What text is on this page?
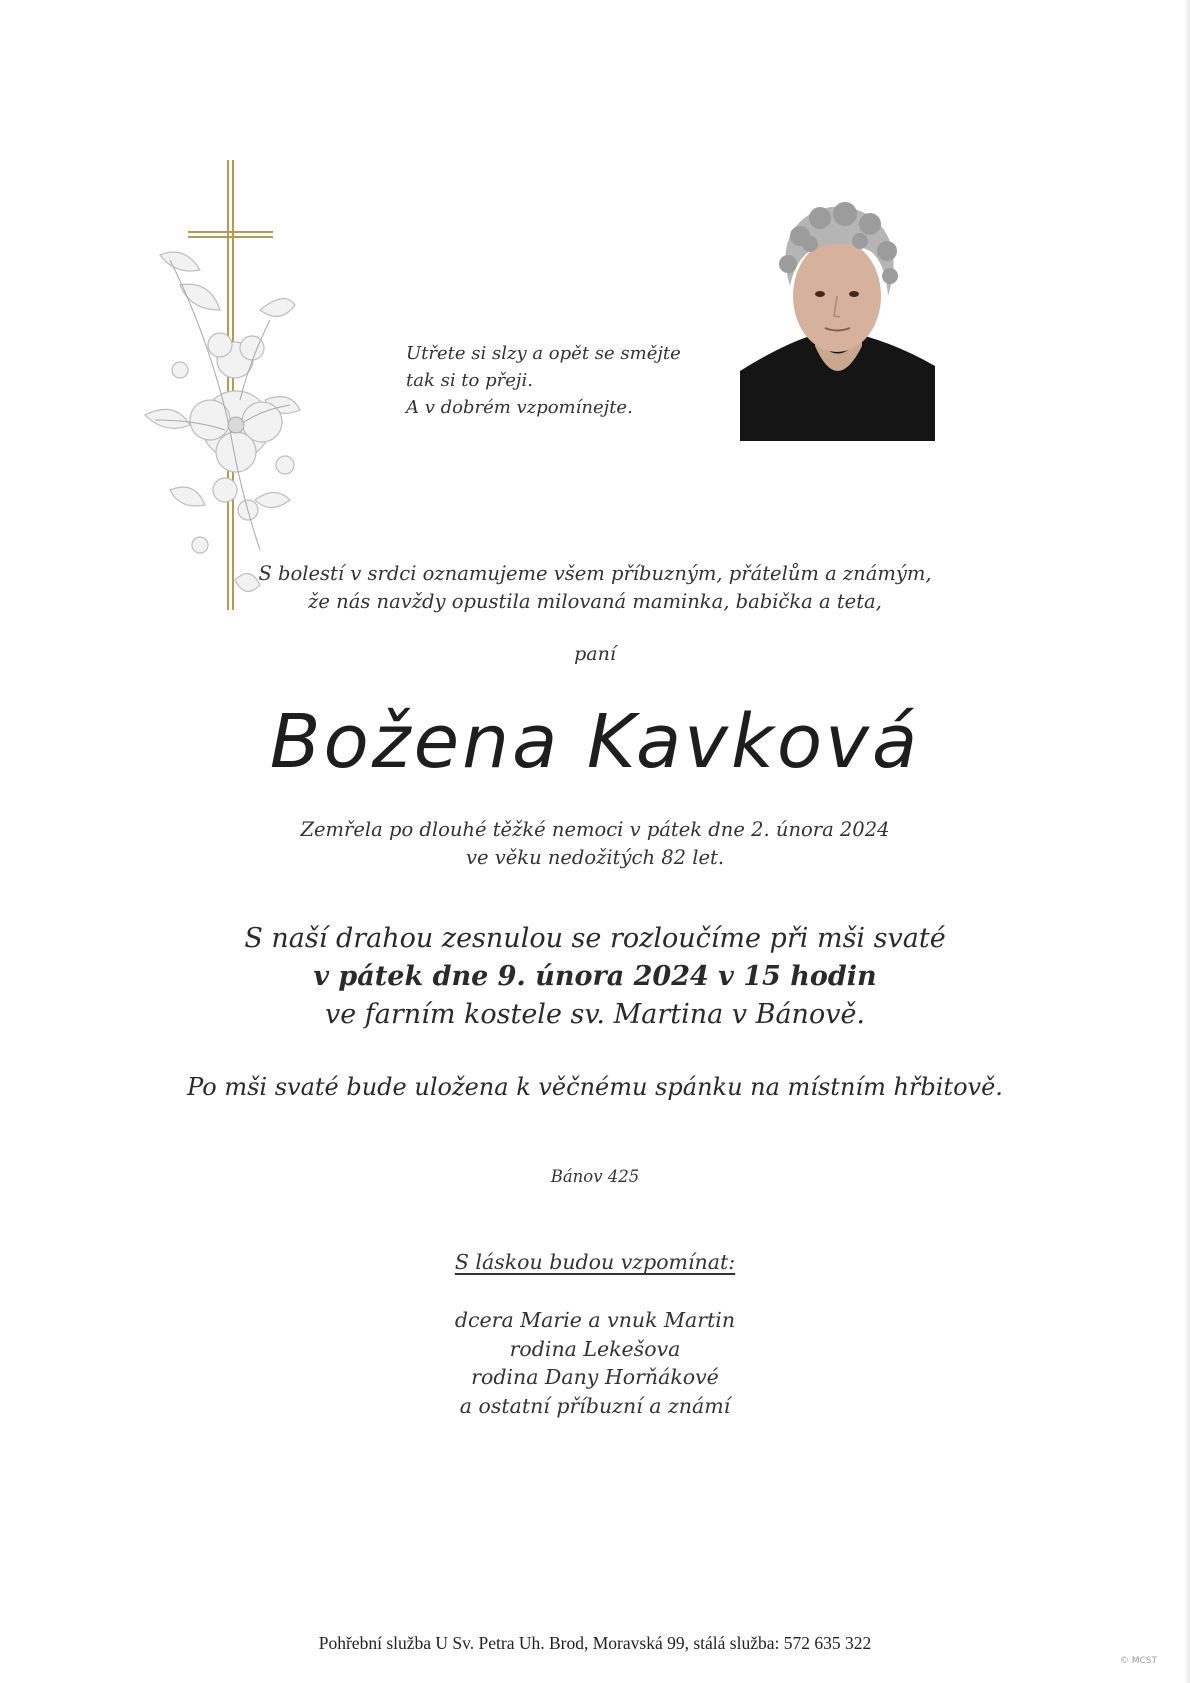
Utřete si slzy a opět se smějte
tak si to přeji.
A v dobrém vzpomínejte.
S bolestí v srdci oznamujeme všem příbuzným, přátelům a známým,
že nás navždy opustila milovaná maminka, babička a teta,
paní
Božena Kavková
Zemřela po dlouhé těžké nemoci v pátek dne 2. února 2024
ve věku nedožitých 82 let.
S naší drahou zesnulou se rozloučíme při mši svaté
v pátek dne 9. února 2024 v 15 hodin
ve farním kostele sv. Martina v Bánově.
Po mši svaté bude uložena k věčnému spánku na místním hřbitově.
Bánov 425
S láskou budou vzpomínat:
dcera Marie a vnuk Martin
rodina Lekešova
rodina Dany Horňákové
a ostatní příbuzní a známí
Pohřební služba U Sv. Petra Uh. Brod, Moravská 99, stálá služba: 572 635 322
© MCST
